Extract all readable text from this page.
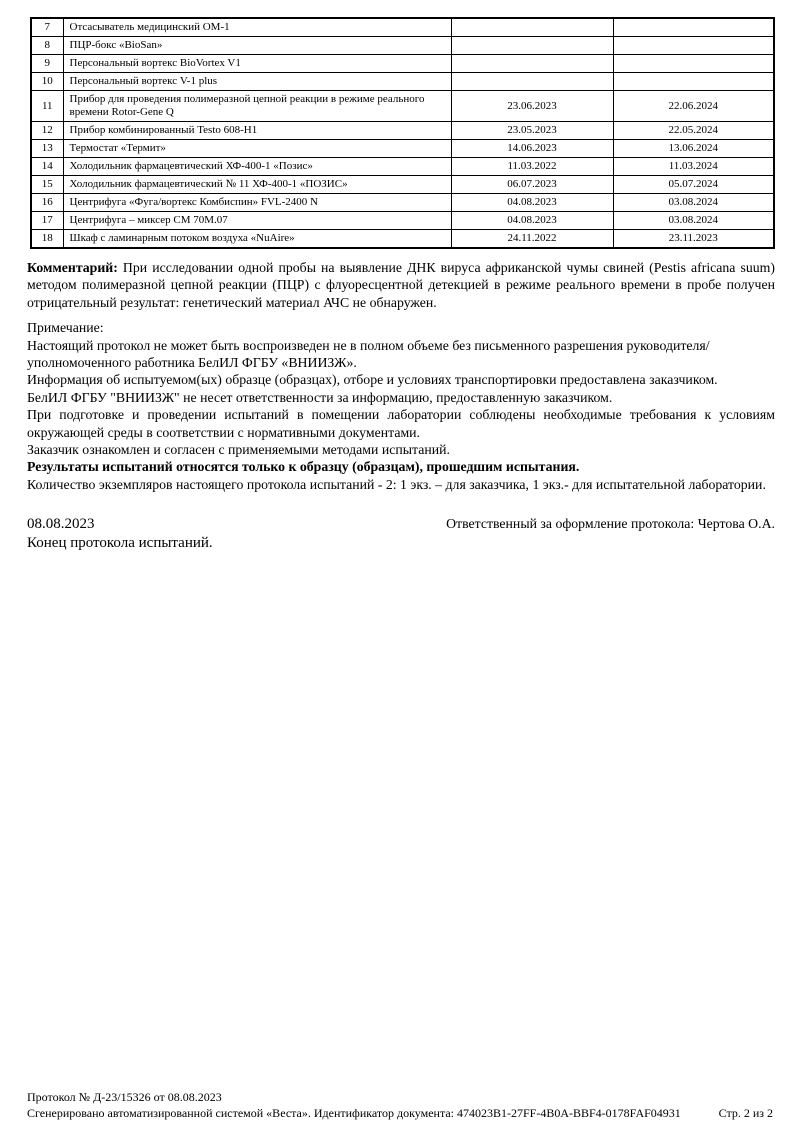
7	Отсасыватель медицинский ОМ-1		
8	ПЦР-бокс «BioSan»		
9	Персональный вортекс BioVortex V1		
10	Персональный вортекс V-1 plus		
11	Прибор для проведения полимеразной цепной реакции в режиме реального времени Rotor-Gene Q	23.06.2023	22.06.2024
12	Прибор комбинированный Testo 608-H1	23.05.2023	22.05.2024
13	Термостат «Термит»	14.06.2023	13.06.2024
14	Холодильник фармацевтический ХФ-400-1 «Позис»	11.03.2022	11.03.2024
15	Холодильник фармацевтический № 11 ХФ-400-1 «ПОЗИС»	06.07.2023	05.07.2024
16	Центрифуга «Фуга/вортекс Комбиспин» FVL-2400 N	04.08.2023	03.08.2024
17	Центрифуга – миксер СМ 70М.07	04.08.2023	03.08.2024
18	Шкаф с ламинарным потоком воздуха «NuAire»	24.11.2022	23.11.2023

Комментарий: При исследовании одной пробы на выявление ДНК вируса африканской чумы свиней (Pestis africana suum) методом полимеразной цепной реакции (ПЦР) с флуоресцентной детекцией в режиме реального времени в пробе получен отрицательный результат: генетический материал АЧС не обнаружен.

Примечание:
Настоящий протокол не может быть воспроизведен не в полном объеме без письменного разрешения руководителя/уполномоченного работника БелИЛ ФГБУ «ВНИИЗЖ».
Информация об испытуемом(ых) образце (образцах), отборе и условиях транспортировки предоставлена заказчиком.
БелИЛ ФГБУ "ВНИИЗЖ" не несет ответственности за информацию, предоставленную заказчиком.
При подготовке и проведении испытаний в помещении лаборатории соблюдены необходимые требования к условиям окружающей среды в соответствии с нормативными документами.
Заказчик ознакомлен и согласен с применяемыми методами испытаний.
Результаты испытаний относятся только к образцу (образцам), прошедшим испытания.
Количество экземпляров настоящего протокола испытаний - 2: 1 экз. – для заказчика, 1 экз.- для испытательной лаборатории.
08.08.2023	Ответственный за оформление протокола: Чертова О.А.
Конец протокола испытаний.
Протокол № Д-23/15326 от 08.08.2023
Сгенерировано автоматизированной системой «Веста». Идентификатор документа: 474023B1-27FF-4B0A-BBF4-0178FAF04931	Стр. 2 из 2
